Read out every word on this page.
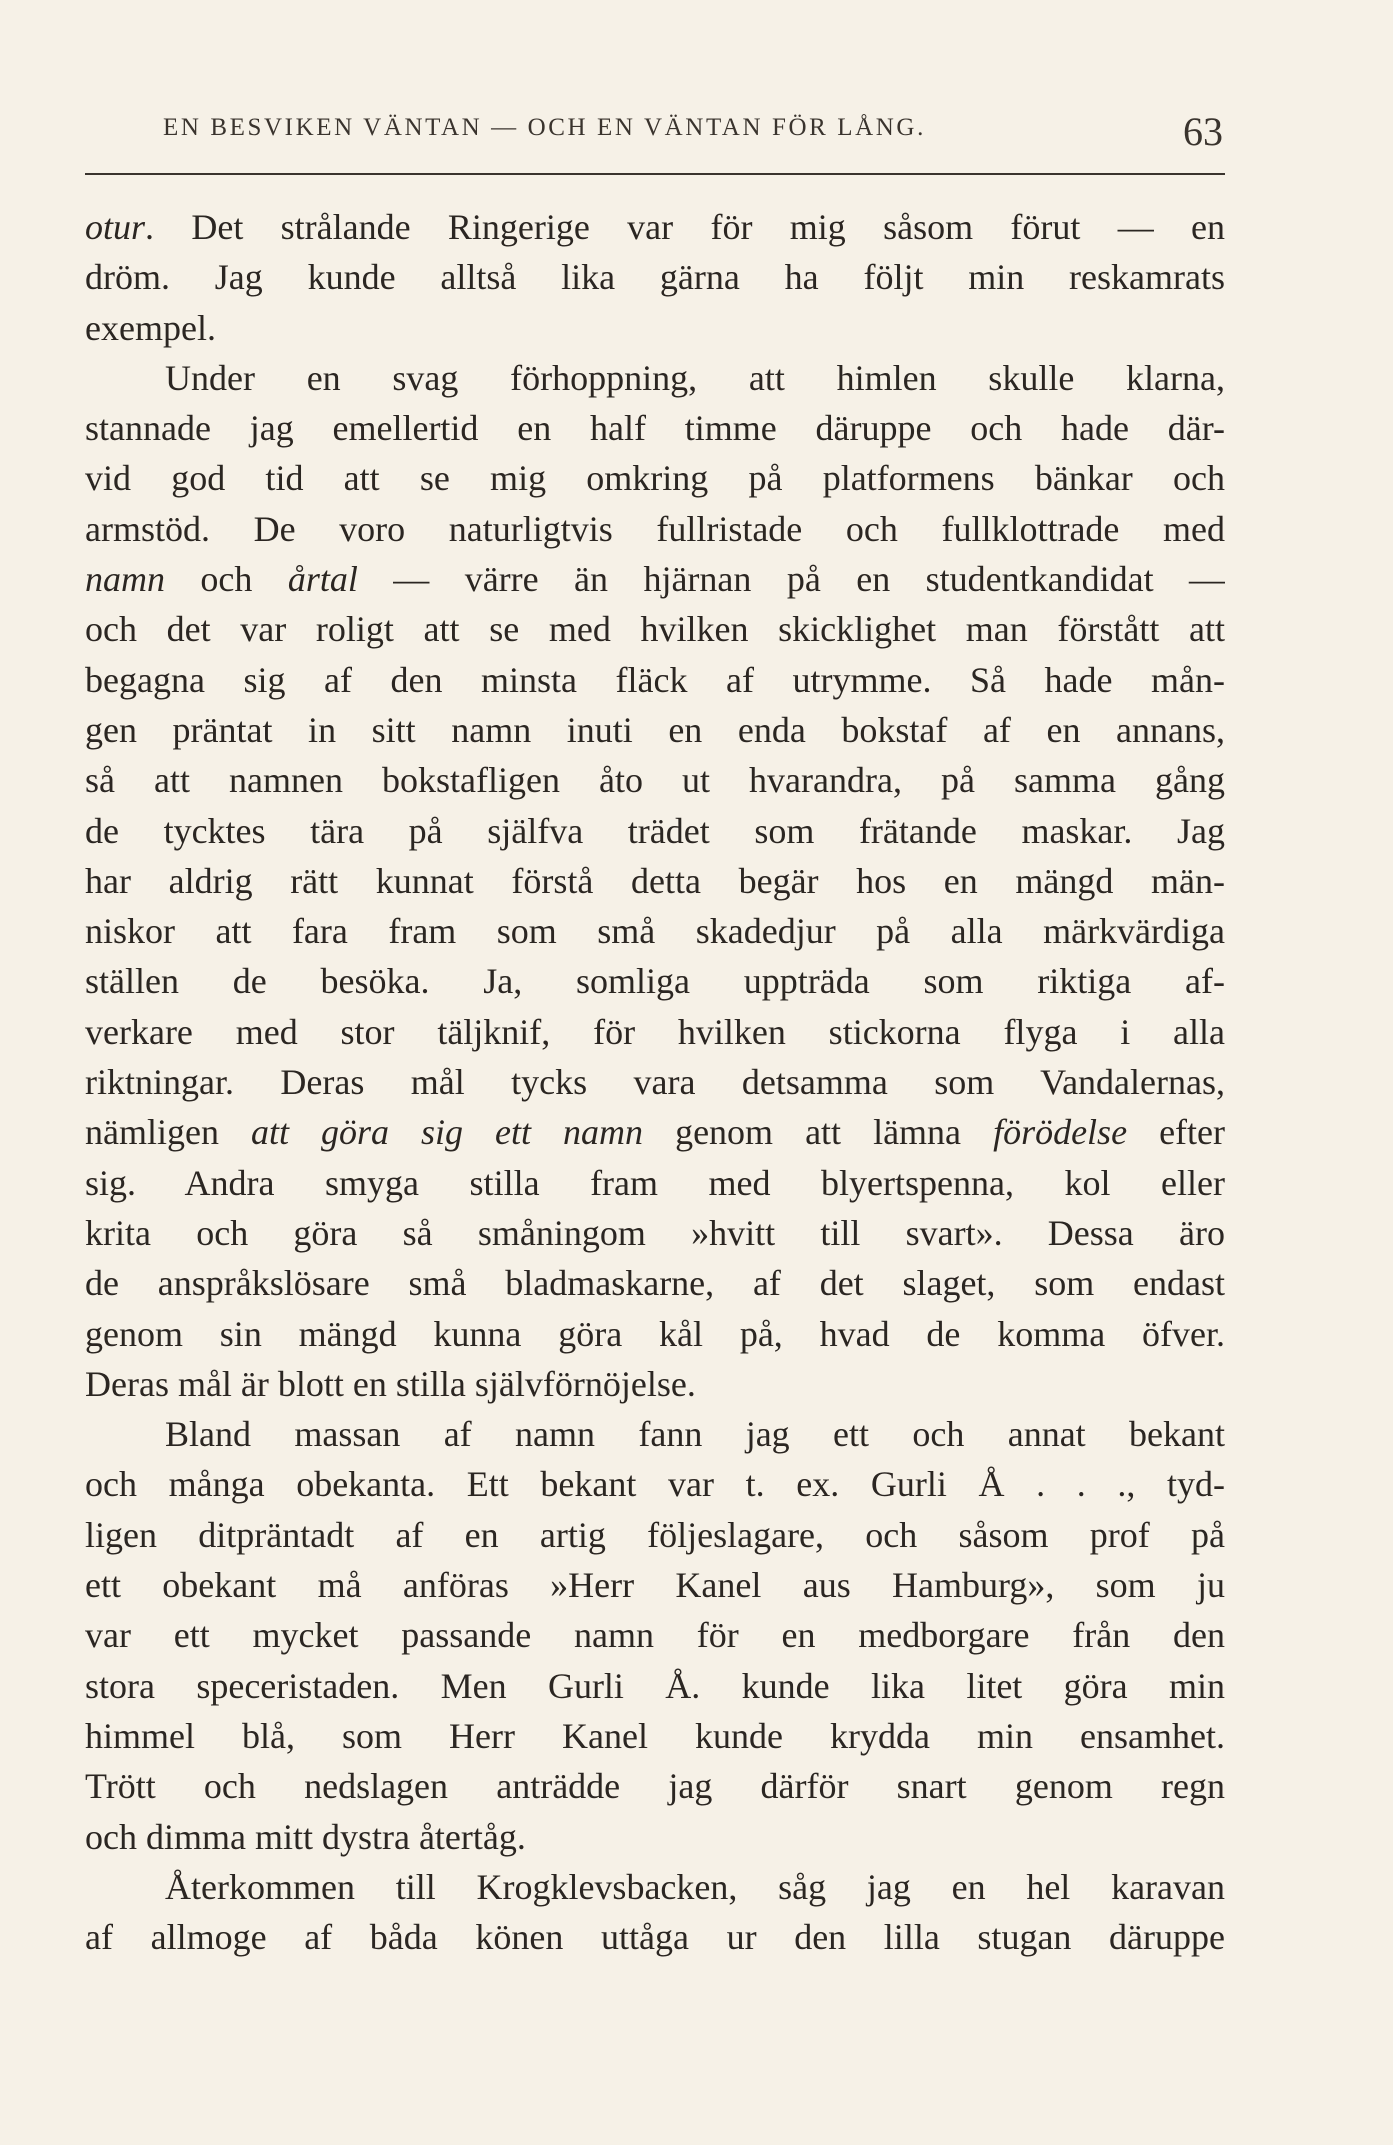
EN BESVIKEN VÄNTAN — OCH EN VÄNTAN FÖR LÅNG.	63
otur. Det strålande Ringerige var för mig såsom förut — en
dröm. Jag kunde alltså lika gärna ha följt min reskamrats
exempel.
Under en svag förhoppning, att himlen skulle klarna,
stannade jag emellertid en half timme däruppe och hade där-
vid god tid att se mig omkring på platformens bänkar och
armstöd. De voro naturligtvis fullristade och fullklottrade med
namn och årtal — värre än hjärnan på en studentkandidat —
och det var roligt att se med hvilken skicklighet man förstått att
begagna sig af den minsta fläck af utrymme. Så hade mån-
gen präntat in sitt namn inuti en enda bokstaf af en annans,
så att namnen bokstafligen åto ut hvarandra, på samma gång
de tycktes tära på själfva trädet som frätande maskar. Jag
har aldrig rätt kunnat förstå detta begär hos en mängd män-
niskor att fara fram som små skadedjur på alla märkvärdiga
ställen de besöka. Ja, somliga uppträda som riktiga af-
verkare med stor täljknif, för hvilken stickorna flyga i alla
riktningar. Deras mål tycks vara detsamma som Vandalernas,
nämligen att göra sig ett namn genom att lämna förödelse efter
sig. Andra smyga stilla fram med blyertspenna, kol eller
krita och göra så småningom »hvitt till svart». Dessa äro
de anspråkslösare små bladmaskarne, af det slaget, som endast
genom sin mängd kunna göra kål på, hvad de komma öfver.
Deras mål är blott en stilla självförnöjelse.
Bland massan af namn fann jag ett och annat bekant
och många obekanta. Ett bekant var t. ex. Gurli Å . . ., tyd-
ligen ditpräntadt af en artig följeslagare, och såsom prof på
ett obekant må anföras »Herr Kanel aus Hamburg», som ju
var ett mycket passande namn för en medborgare från den
stora speceristaden. Men Gurli Å. kunde lika litet göra min
himmel blå, som Herr Kanel kunde krydda min ensamhet.
Trött och nedslagen anträdde jag därför snart genom regn
och dimma mitt dystra återtåg.
Återkommen till Krogklevsbacken, såg jag en hel karavan
af allmoge af båda könen uttåga ur den lilla stugan däruppe
